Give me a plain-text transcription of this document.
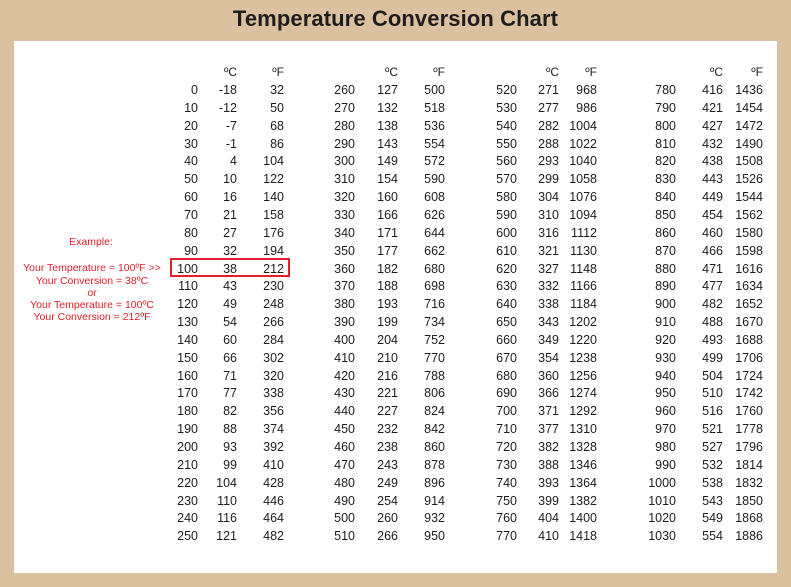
Temperature Conversion Chart
ºC	ºF
0 -18	32
10 -12	50
20 -7	68
30 -1	86
40	4 104
50 10 122
60 16 140
70 21 158
80 27 176
90 32 194
100 38 212
110 43 230
120 49 248
130 54 266
140 60 284
150 66 302
160 71 320
170 77 338
180 82 356
190 88 374
200 93 392
210 99 410
220 104 428
230 110 446
240 116 464
250 121 482
ºC	ºF
260 127 500
270 132 518
280 138 536
290 143 554
300 149 572
310 154 590
320 160 608
330 166 626
340 171 644
350 177 662
360 182 680
370 188 698
380 193 716
390 199 734
400 204 752
410 210 770
420 216 788
430 221 806
440 227 824
450 232 842
460 238 860
470 243 878
480 249 896
490 254 914
500 260 932
510 266 950
ºC ºF
520 271 968
530 277 986
540 282 1004
550 288 1022
560 293 1040
570 299 1058
580 304 1076
590 310 1094
600 316 1112
610 321 1130
620 327 1148
630 332 1166
640 338 1184
650 343 1202
660 349 1220
670 354 1238
680 360 1256
690 366 1274
700 371 1292
710 377 1310
720 382 1328
730 388 1346
740 393 1364
750 399 1382
760 404 1400
770 410 1418
ºC ºF
780 416 1436
790 421 1454
800 427 1472
810 432 1490
820 438 1508
830 443 1526
840 449 1544
850 454 1562
860 460 1580
870 466 1598
880 471 1616
890 477 1634
900 482 1652
910 488 1670
920 493 1688
930 499 1706
940 504 1724
950 510 1742
960 516 1760
970 521 1778
980 527 1796
990 532 1814
1000 538 1832
1010 543 1850
1020 549 1868
1030 554 1886
Example:
Your Temperature = 100ºF >>
Your Conversion = 38ºC
or
Your Temperature = 100ºC
Your Conversion = 212ºF
